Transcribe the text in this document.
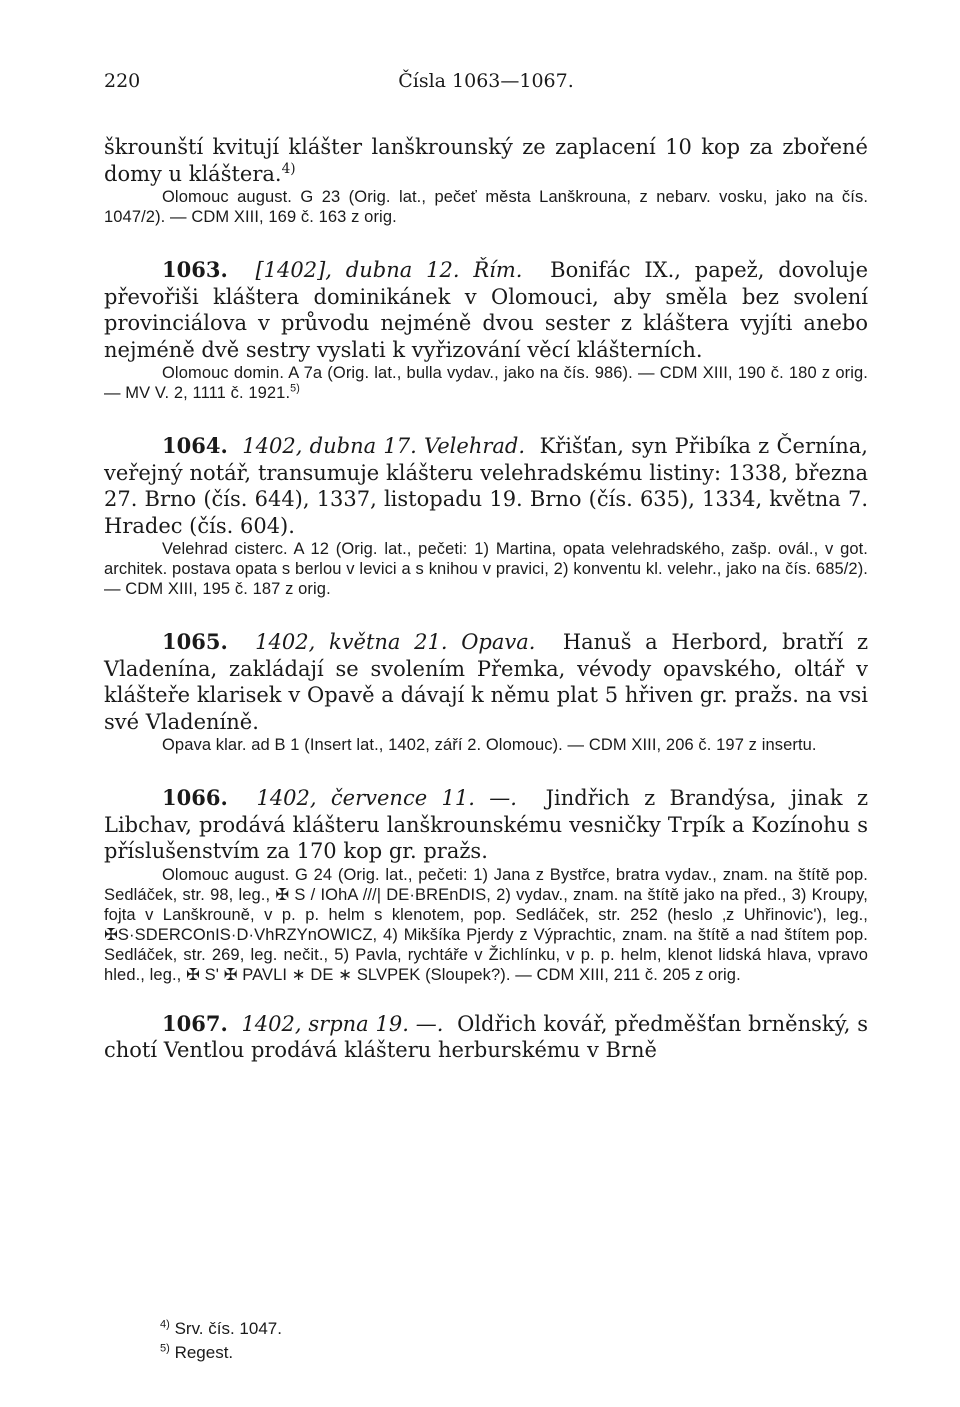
220	Čísla 1063—1067.
škrounští kvitují klášter lanškrounský ze zaplacení 10 kop za zbořené domy u kláštera.$^{4)}$
Olomouc august. G 23 (Orig. lat., pečeť města Lanškrouna, z nebarv. vosku, jako na čís. 1047/2). — CDM XIII, 169 č. 163 z orig.
1063. [1402], dubna 12. Řím. Bonifác IX., papež, dovoluje převořiši kláštera dominikánek v Olomouci, aby směla bez svolení provinciálova v průvodu nejméně dvou sester z kláštera vyjíti anebo nejméně dvě sestry vyslati k vyřizování věcí klášterních.
Olomouc domin. A 7a (Orig. lat., bulla vydav., jako na čís. 986). — CDM XIII, 190 č. 180 z orig. — MV V. 2, 1111 č. 1921.$^{5)}$
1064. 1402, dubna 17. Velehrad. Křišťan, syn Přibíka z Černína, veřejný notář, transumuje klášteru velehradskému listiny: 1338, března 27. Brno (čís. 644), 1337, listopadu 19. Brno (čís. 635), 1334, května 7. Hradec (čís. 604).
Velehrad cisterc. A 12 (Orig. lat., pečeti: 1) Martina, opata velehradského, zašp. ovál., v got. architek. postava opata s berlou v levici a s knihou v pravici, 2) konventu kl. velehr., jako na čís. 685/2). — CDM XIII, 195 č. 187 z orig.
1065. 1402, května 21. Opava. Hanuš a Herbord, bratří z Vladenína, zakládají se svolením Přemka, vévody opavského, oltář v klášteře klarisek v Opavě a dávají k němu plat 5 hřiven gr. pražs. na vsi své Vladeníně.
Opava klar. ad B 1 (Insert lat., 1402, září 2. Olomouc). — CDM XIII, 206 č. 197 z insertu.
1066. 1402, července 11. —. Jindřich z Brandýsa, jinak z Libchav, prodává klášteru lanškrounskému vesničky Trpík a Kozínohu s příslušenstvím za 170 kop gr. pražs.
Olomouc august. G 24 (Orig. lat., pečeti: 1) Jana z Bystřce, bratra vydav., znam. na štítě pop. Sedláček, str. 98, leg., ✠ S / IOhA ///| DE·BREnDIS, 2) vydav., znam. na štítě jako na před., 3) Kroupy, fojta v Lanškrouně, v p. p. helm s klenotem, pop. Sedláček, str. 252 (heslo ‚z Uhřinovic'), leg., ✠S·SDERCOnIS·D·VhRZYnOWICZ, 4) Mikšíka Pjerdy z Výprachtic, znam. na štítě a nad štítem pop. Sedláček, str. 269, leg. nečit., 5) Pavla, rychtáře v Žichlínku, v p. p. helm, klenot lidská hlava, vpravo hled., leg., ✠ S' ✠ PAVLI ∗ DE ∗ SLVPEK (Sloupek?). — CDM XIII, 211 č. 205 z orig.
1067. 1402, srpna 19. —. Oldřich kovář, předměšťan brněnský, s chotí Ventlou prodává klášteru herburskému v Brně
$^{4)}$ Srv. čís. 1047.
$^{5)}$ Regest.
